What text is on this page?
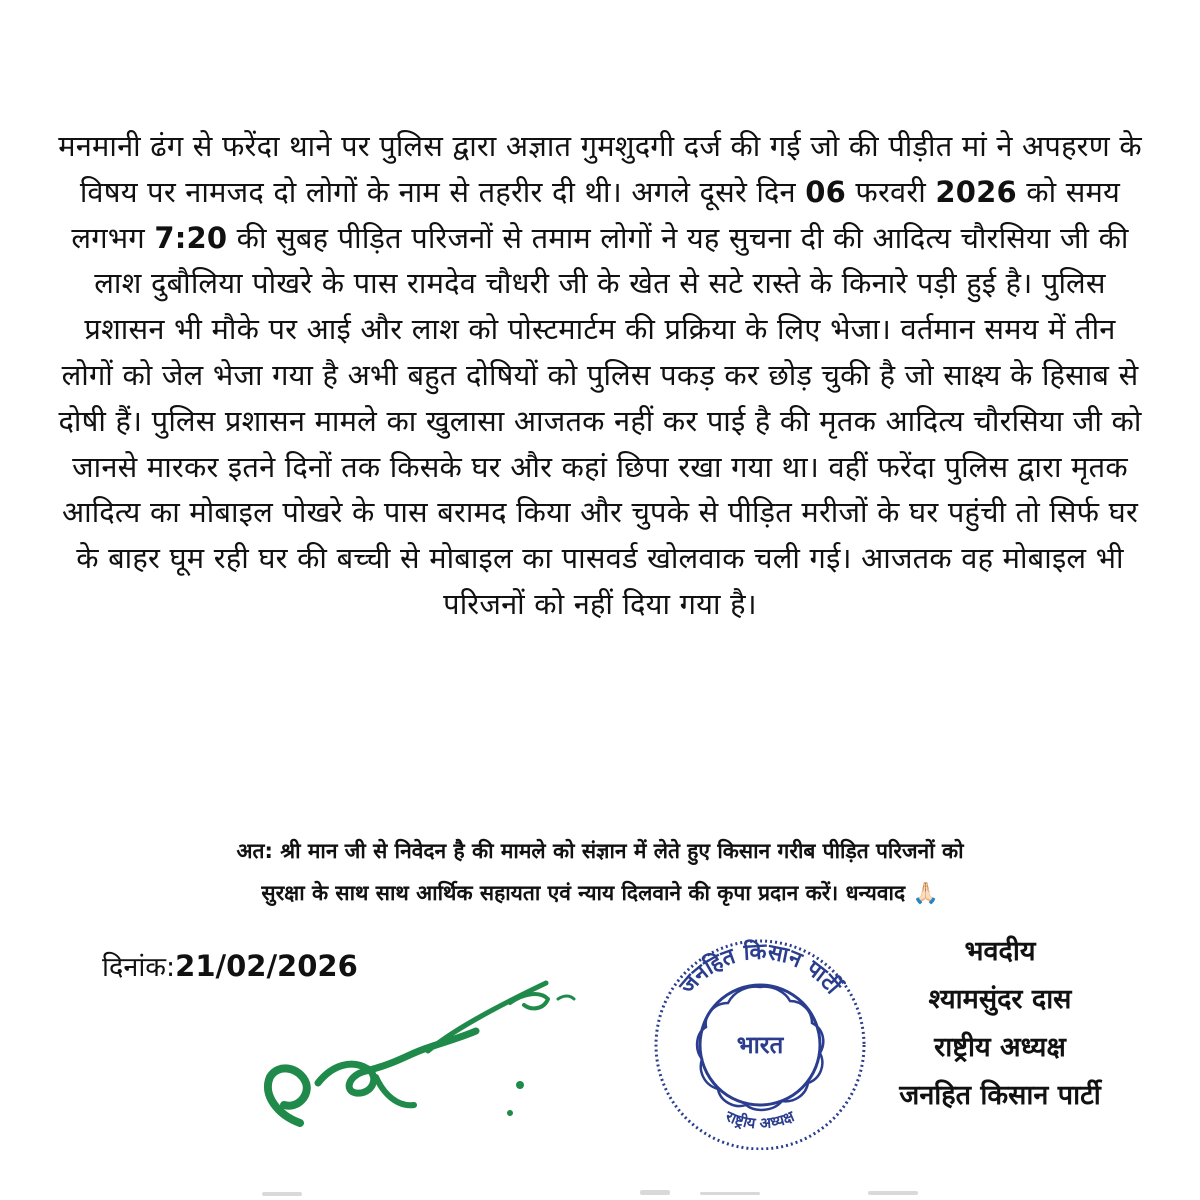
मनमानी ढंग से फरेंदा थाने पर पुलिस द्वारा अज्ञात गुमशुदगी दर्ज की गई जो की पीड़ीत मां ने अपहरण के विषय पर नामजद दो लोगों के नाम से तहरीर दी थी। अगले दूसरे दिन 06 फरवरी 2026 को समय लगभग 7:20 की सुबह पीड़ित परिजनों से तमाम लोगों ने यह सुचना दी की आदित्य चौरसिया जी की लाश दुबौलिया पोखरे के पास रामदेव चौधरी जी के खेत से सटे रास्ते के किनारे पड़ी हुई है। पुलिस प्रशासन भी मौके पर आई और लाश को पोस्टमार्टम की प्रक्रिया के लिए भेजा। वर्तमान समय में तीन लोगों को जेल भेजा गया है अभी बहुत दोषियों को पुलिस पकड़ कर छोड़ चुकी है जो साक्ष्य के हिसाब से दोषी हैं। पुलिस प्रशासन मामले का खुलासा आजतक नहीं कर पाई है की मृतक आदित्य चौरसिया जी को जानसे मारकर इतने दिनों तक किसके घर और कहां छिपा रखा गया था। वहीं फरेंदा पुलिस द्वारा मृतक आदित्य का मोबाइल पोखरे के पास बरामद किया और चुपके से पीड़ित मरीजों के घर पहुंची तो सिर्फ घर के बाहर घूम रही घर की बच्ची से मोबाइल का पासवर्ड खोलवाक चली गई। आजतक वह मोबाइल भी परिजनों को नहीं दिया गया है।
अत: श्री मान जी से निवेदन है की मामले को संज्ञान में लेते हुए किसान गरीब पीड़ित परिजनों को
सुरक्षा के साथ साथ आर्थिक सहायता एवं न्याय दिलवाने की कृपा प्रदान करें। धन्यवाद 🙏🏻
दिनांक:21/02/2026
जनहित किसान पार्टी
राष्ट्रीय अध्यक्ष
भारत
भवदीय
श्यामसुंदर दास
राष्ट्रीय अध्यक्ष
जनहित किसान पार्टी
